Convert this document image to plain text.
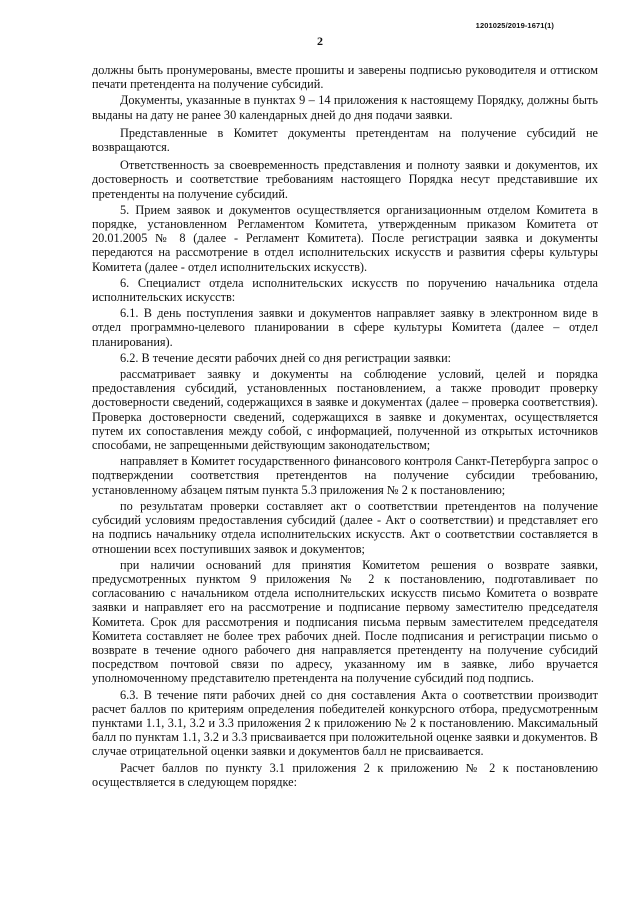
1201025/2019-1671(1)
2

должны быть пронумерованы, вместе прошиты и заверены подписью руководителя и оттиском печати претендента на получение субсидий.

Документы, указанные в пунктах 9 – 14 приложения к настоящему Порядку, должны быть выданы на дату не ранее 30 календарных дней до дня подачи заявки.

Представленные в Комитет документы претендентам на получение субсидий не возвращаются.

Ответственность за своевременность представления и полноту заявки и документов, их достоверность и соответствие требованиям настоящего Порядка несут представившие их претенденты на получение субсидий.

5. Прием заявок и документов осуществляется организационным отделом Комитета в порядке, установленном Регламентом Комитета, утвержденным приказом Комитета от 20.01.2005 № 8 (далее - Регламент Комитета). После регистрации заявка и документы передаются на рассмотрение в отдел исполнительских искусств и развития сферы культуры Комитета (далее - отдел исполнительских искусств).

6. Специалист отдела исполнительских искусств по поручению начальника отдела исполнительских искусств:

6.1. В день поступления заявки и документов направляет заявку в электронном виде в отдел программно-целевого планировании в сфере культуры Комитета (далее – отдел планирования).

6.2. В течение десяти рабочих дней со дня регистрации заявки:

рассматривает заявку и документы на соблюдение условий, целей и порядка предоставления субсидий, установленных постановлением, а также проводит проверку достоверности сведений, содержащихся в заявке и документах (далее – проверка соответствия). Проверка достоверности сведений, содержащихся в заявке и документах, осуществляется путем их сопоставления между собой, с информацией, полученной из открытых источников способами, не запрещенными действующим законодательством;

направляет в Комитет государственного финансового контроля Санкт-Петербурга запрос о подтверждении соответствия претендентов на получение субсидии требованию, установленному абзацем пятым пункта 5.3 приложения № 2 к постановлению;

по результатам проверки составляет акт о соответствии претендентов на получение субсидий условиям предоставления субсидий (далее - Акт о соответствии) и представляет его на подпись начальнику отдела исполнительских искусств. Акт о соответствии составляется в отношении всех поступивших заявок и документов;

при наличии оснований для принятия Комитетом решения о возврате заявки, предусмотренных пунктом 9 приложения № 2 к постановлению, подготавливает по согласованию с начальником отдела исполнительских искусств письмо Комитета о возврате заявки и направляет его на рассмотрение и подписание первому заместителю председателя Комитета. Срок для рассмотрения и подписания письма первым заместителем председателя Комитета составляет не более трех рабочих дней. После подписания и регистрации письмо о возврате в течение одного рабочего дня направляется претенденту на получение субсидий посредством почтовой связи по адресу, указанному им в заявке, либо вручается уполномоченному представителю претендента на получение субсидий под подпись.

6.3. В течение пяти рабочих дней со дня составления Акта о соответствии производит расчет баллов по критериям определения победителей конкурсного отбора, предусмотренным пунктами 1.1, 3.1, 3.2 и 3.3 приложения 2 к приложению № 2 к постановлению. Максимальный балл по пунктам 1.1, 3.2 и 3.3 присваивается при положительной оценке заявки и документов. В случае отрицательной оценки заявки и документов балл не присваивается.

Расчет баллов по пункту 3.1 приложения 2 к приложению № 2 к постановлению осуществляется в следующем порядке:
